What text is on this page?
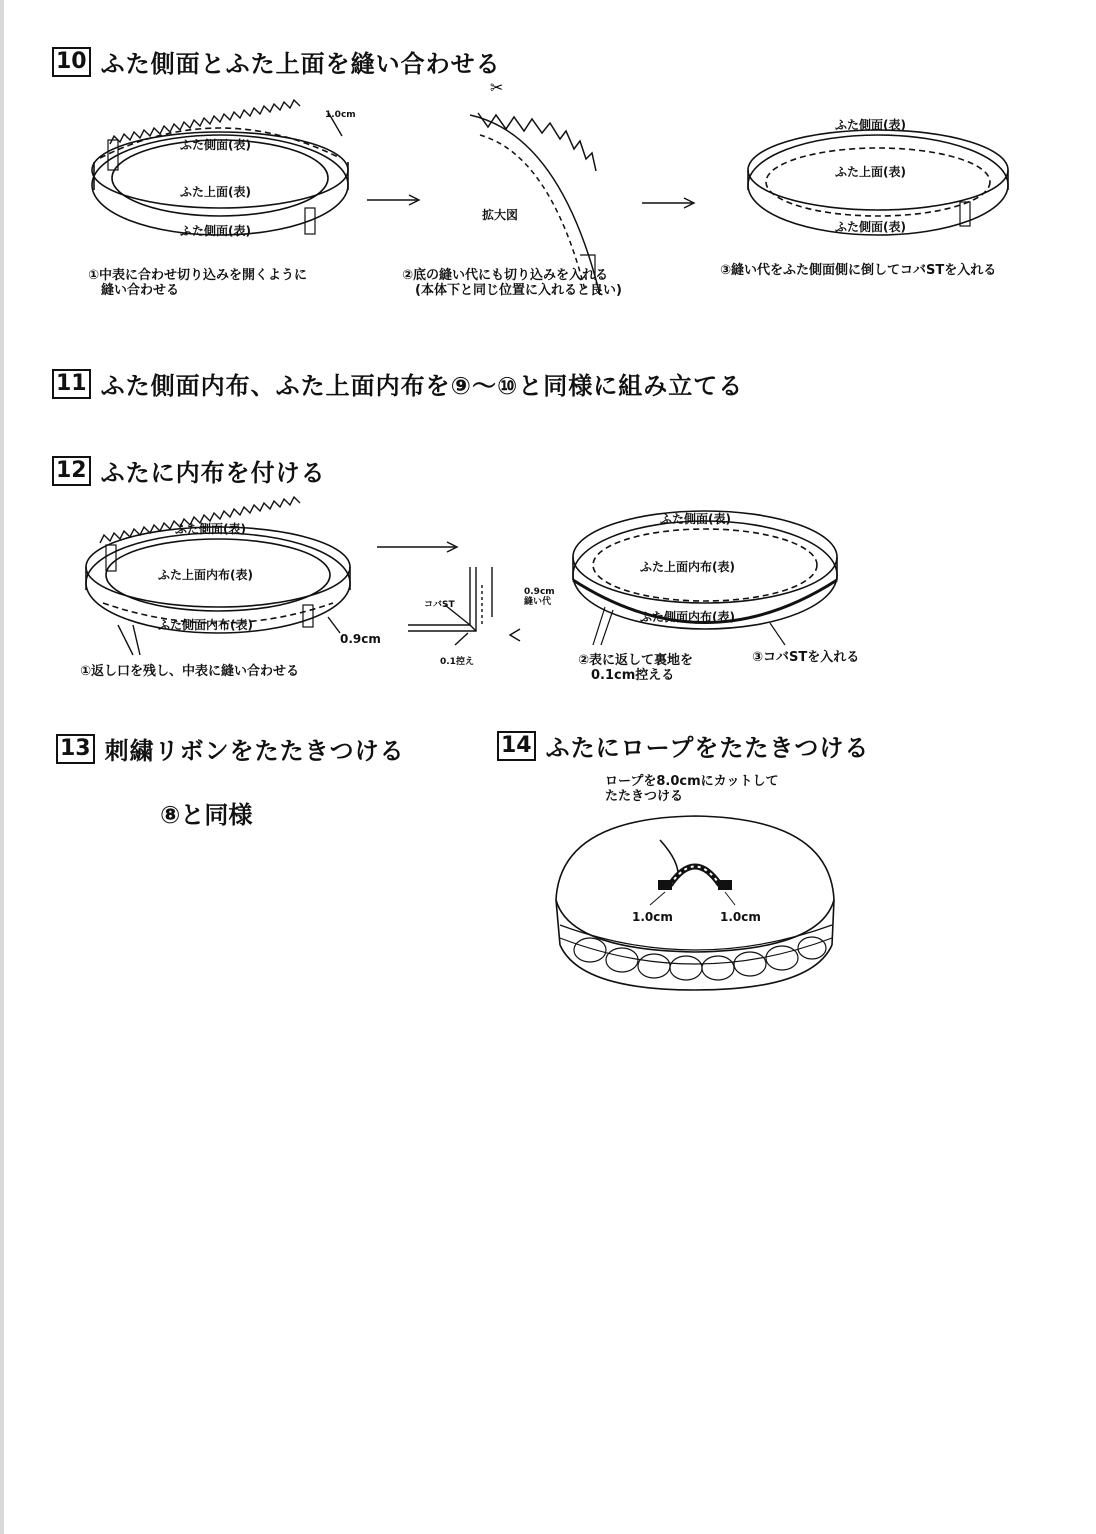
10 ふた側面とふた上面を縫い合わせる
1.0cm
ふた側面(表)
ふた上面(表)
ふた側面(表)
✂
拡大図
ふた側面(表)
ふた上面(表)
ふた側面(表)
①中表に合わせ切り込みを開くように
　縫い合わせる
②底の縫い代にも切り込みを入れる
　(本体下と同じ位置に入れると良い)
③縫い代をふた側面側に倒してコバSTを入れる
11 ふた側面内布、ふた上面内布を⑨～⑩と同様に組み立てる
12 ふたに内布を付ける
ふた側面(表)
ふた上面内布(表)
ふた側面内布(表)
0.9cm
コバST
0.9cm
縫い代
0.1控え
ふた側面(表)
ふた上面内布(表)
ふた側面内布(表)
①返し口を残し、中表に縫い合わせる
②表に返して裏地を
　0.1cm控える
③コバSTを入れる
13 刺繍リボンをたたきつける
⑧と同様
14 ふたにロープをたたきつける
ロープを8.0cmにカットして
たたきつける
1.0cm	1.0cm
